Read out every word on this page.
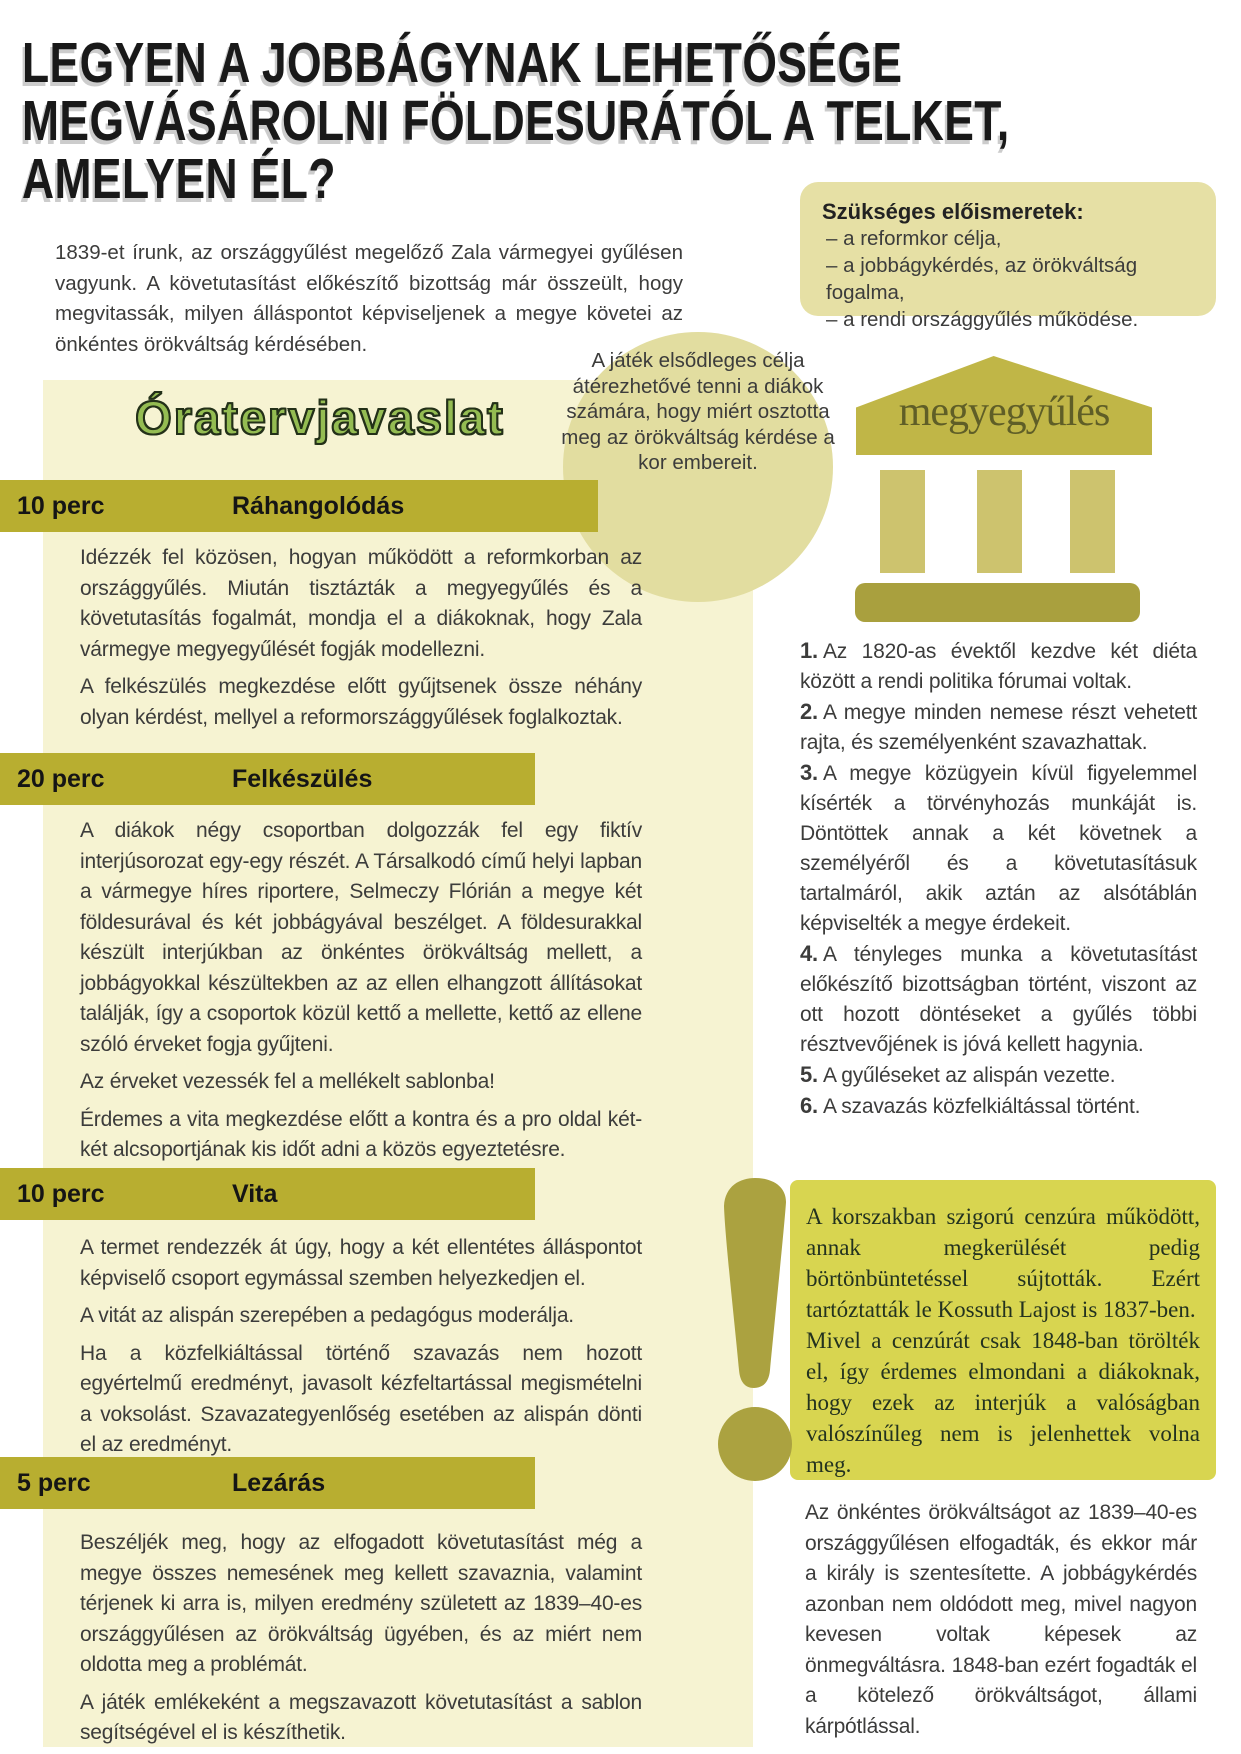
LEGYEN A JOBBÁGYNAK LEHETŐSÉGE
MEGVÁSÁROLNI FÖLDESURÁTÓL A TELKET,
AMELYEN ÉL?

1839-et írunk, az országgyűlést megelőző Zala vármegyei gyűlésen vagyunk. A követutasítást előkészítő bizottság már összeült, hogy megvitassák, milyen álláspontot képviseljenek a megye követei az önkéntes örökváltság kérdésében.

Szükséges előismeretek:
– a reformkor célja,
– a jobbágykérdés, az örökváltság fogalma,
– a rendi országgyűlés működése.
A játék elsődleges célja átérezhetővé tenni a diákok számára, hogy miért osztotta meg az örökváltság kérdése a kor embereit.
Óratervjavaslat
10 perc	Ráhangolódás
20 perc	Felkészülés
10 perc	Vita
5 perc	Lezárás

Idézzék fel közösen, hogyan működött a reformkorban az országgyűlés. Miután tisztázták a megyegyűlés és a követutasítás fogalmát, mondja el a diákoknak, hogy Zala vármegye megyegyűlését fogják modellezni.

A felkészülés megkezdése előtt gyűjtsenek össze néhány olyan kérdést, mellyel a reformországgyűlések foglalkoztak.

A diákok négy csoportban dolgozzák fel egy fiktív interjúsorozat egy-egy részét. A Társalkodó című helyi lapban a vármegye híres riportere, Selmeczy Flórián a megye két földesurával és két jobbágyával beszélget. A földesurakkal készült interjúkban az önkéntes örökváltság mellett, a jobbágyokkal készültekben az az ellen elhangzott állításokat találják, így a csoportok közül kettő a mellette, kettő az ellene szóló érveket fogja gyűjteni.

Az érveket vezessék fel a mellékelt sablonba!

Érdemes a vita megkezdése előtt a kontra és a pro oldal két-két alcsoportjának kis időt adni a közös egyeztetésre.

A termet rendezzék át úgy, hogy a két ellentétes álláspontot képviselő csoport egymással szemben helyezkedjen el.

A vitát az alispán szerepében a pedagógus moderálja.

Ha a közfelkiáltással történő szavazás nem hozott egyértelmű eredményt, javasolt kézfeltartással megismételni a voksolást. Szavazategyenlőség esetében az alispán dönti el az eredményt.

Beszéljék meg, hogy az elfogadott követutasítást még a megye összes nemesének meg kellett szavaznia, valamint térjenek ki arra is, milyen eredmény született az 1839–40-es országgyűlésen az örökváltság ügyében, és az miért nem oldotta meg a problémát.

A játék emlékeként a megszavazott követutasítást a sablon segítségével el is készíthetik.

megyegyűlés

1. Az 1820-as évektől kezdve két diéta között a rendi politika fórumai voltak.

2. A megye minden nemese részt vehetett rajta, és személyenként szavazhattak.

3. A megye közügyein kívül figyelemmel kísérték a törvényhozás munkáját is. Döntöttek annak a két követnek a személyéről és a követutasításuk tartalmáról, akik aztán az alsótáblán képviselték a megye érdekeit.

4. A tényleges munka a követutasítást előkészítő bizottságban történt, viszont az ott hozott döntéseket a gyűlés többi résztvevőjének is jóvá kellett hagynia.

5. A gyűléseket az alispán vezette.

6. A szavazás közfelkiáltással történt.

A korszakban szigorú cenzúra működött, annak megkerülését pedig börtönbüntetéssel sújtották. Ezért tartóztatták le Kossuth Lajost is 1837-ben.

Mivel a cenzúrát csak 1848-ban törölték el, így érdemes elmondani a diákoknak, hogy ezek az interjúk a valóságban valószínűleg nem is jelenhettek volna meg.

Az önkéntes örökváltságot az 1839–40-es országgyűlésen elfogadták, és ekkor már a király is szentesítette. A jobbágykérdés azonban nem oldódott meg, mivel nagyon kevesen voltak képesek az önmegváltásra. 1848-ban ezért fogadták el a kötelező örökváltságot, állami kárpótlással.
